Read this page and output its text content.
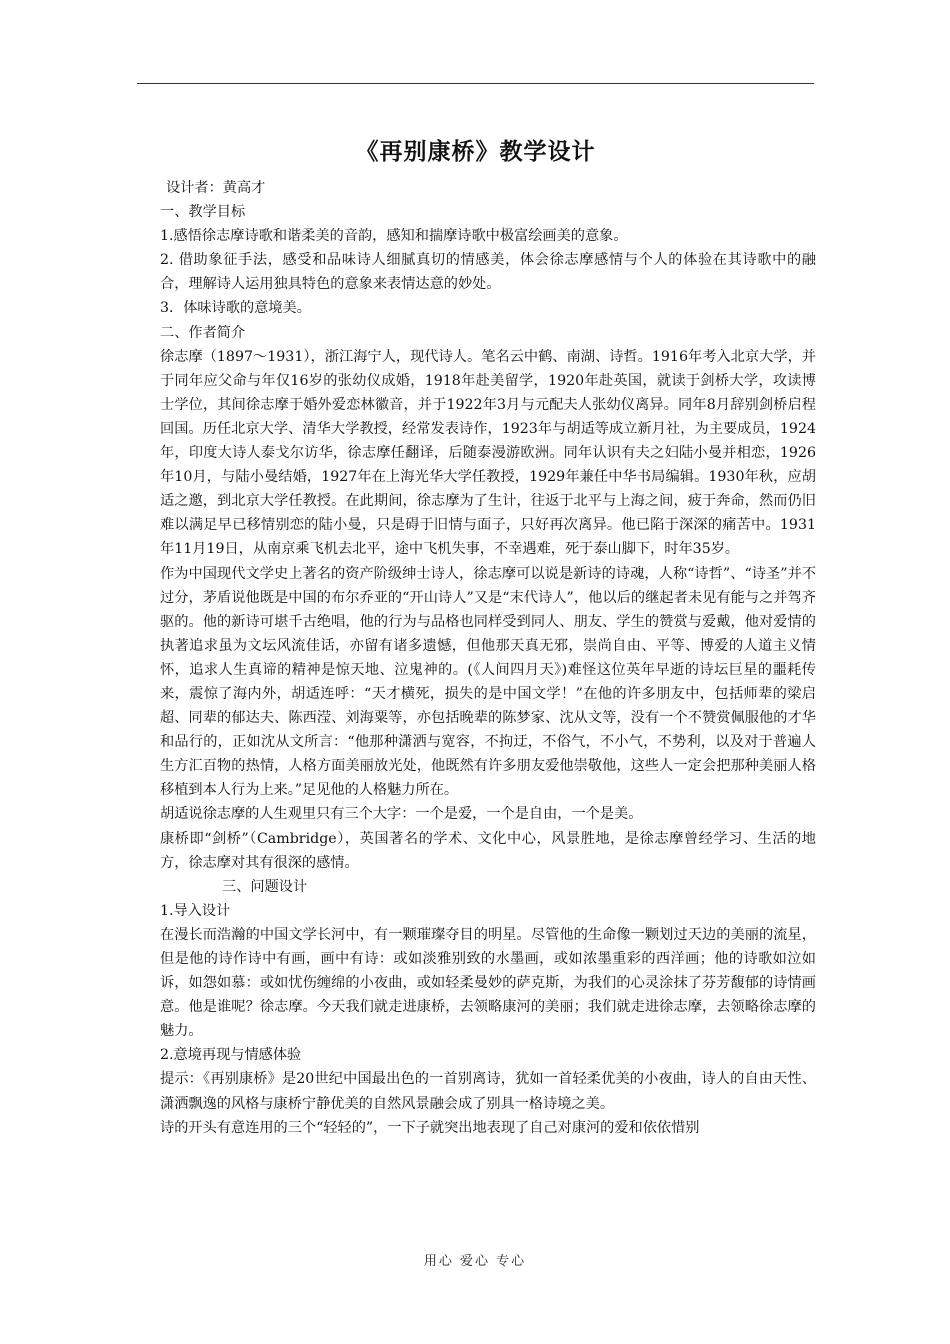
《再别康桥》教学设计

设计者：黄高才

一、教学目标

1.感悟徐志摩诗歌和谐柔美的音韵，感知和揣摩诗歌中极富绘画美的意象。

2. 借助象征手法，感受和品味诗人细腻真切的情感美，体会徐志摩感情与个人的体验在其诗歌中的融合，理解诗人运用独具特色的意象来表情达意的妙处。

3．体味诗歌的意境美。

二、作者简介

徐志摩（1897～1931），浙江海宁人，现代诗人。笔名云中鹤、南湖、诗哲。1916年考入北京大学，并于同年应父命与年仅16岁的张幼仪成婚，1918年赴美留学，1920年赴英国，就读于剑桥大学，攻读博士学位，其间徐志摩于婚外爱恋林徽音，并于1922年3月与元配夫人张幼仪离异。同年8月辞别剑桥启程回国。历任北京大学、清华大学教授，经常发表诗作，1923年与胡适等成立新月社，为主要成员，1924年，印度大诗人泰戈尔访华，徐志摩任翻译，后随泰漫游欧洲。同年认识有夫之妇陆小曼并相恋，1926年10月，与陆小曼结婚，1927年在上海光华大学任教授，1929年兼任中华书局编辑。1930年秋，应胡适之邀，到北京大学任教授。在此期间，徐志摩为了生计，往返于北平与上海之间，疲于奔命，然而仍旧难以满足早已移情别恋的陆小曼，只是碍于旧情与面子，只好再次离异。他已陷于深深的痛苦中。1931年11月19日，从南京乘飞机去北平，途中飞机失事，不幸遇难，死于泰山脚下，时年35岁。

作为中国现代文学史上著名的资产阶级绅士诗人，徐志摩可以说是新诗的诗魂，人称“诗哲”、“诗圣”并不过分，茅盾说他既是中国的布尔乔亚的“开山诗人”又是“末代诗人”，他以后的继起者未见有能与之并驾齐驱的。他的新诗可堪千古绝唱，他的行为与品格也同样受到同人、朋友、学生的赞赏与爱戴，他对爱情的执著追求虽为文坛风流佳话，亦留有诸多遗憾，但他那天真无邪，崇尚自由、平等、博爱的人道主义情怀，追求人生真谛的精神是惊天地、泣鬼神的。(《人间四月天》)难怪这位英年早逝的诗坛巨星的噩耗传来，震惊了海内外，胡适连呼：“天才横死，损失的是中国文学！”在他的许多朋友中，包括师辈的梁启超、同辈的郁达夫、陈西滢、刘海粟等，亦包括晚辈的陈梦家、沈从文等，没有一个不赞赏佩服他的才华和品行的，正如沈从文所言：“他那种潇洒与宽容，不拘迂，不俗气，不小气，不势利，以及对于普遍人生方汇百物的热情，人格方面美丽放光处，他既然有许多朋友爱他崇敬他，这些人一定会把那种美丽人格移植到本人行为上来。”足见他的人格魅力所在。

胡适说徐志摩的人生观里只有三个大字：一个是爱，一个是自由，一个是美。

康桥即“剑桥”（Cambridge），英国著名的学术、文化中心，风景胜地，是徐志摩曾经学习、生活的地方，徐志摩对其有很深的感情。

三、问题设计

1.导入设计

在漫长而浩瀚的中国文学长河中，有一颗璀璨夺目的明星。尽管他的生命像一颗划过天边的美丽的流星，但是他的诗作诗中有画，画中有诗：或如淡雅别致的水墨画，或如浓墨重彩的西洋画；他的诗歌如泣如诉，如怨如慕：或如忧伤缠绵的小夜曲，或如轻柔曼妙的萨克斯，为我们的心灵涂抹了芬芳馥郁的诗情画意。他是谁呢？徐志摩。今天我们就走进康桥，去领略康河的美丽；我们就走进徐志摩，去领略徐志摩的魅力。

2.意境再现与情感体验

提示：《再别康桥》是20世纪中国最出色的一首别离诗，犹如一首轻柔优美的小夜曲，诗人的自由天性、潇洒飘逸的风格与康桥宁静优美的自然风景融会成了别具一格诗境之美。

诗的开头有意连用的三个“轻轻的”，一下子就突出地表现了自己对康河的爱和依依惜别

用心 爱心 专心
